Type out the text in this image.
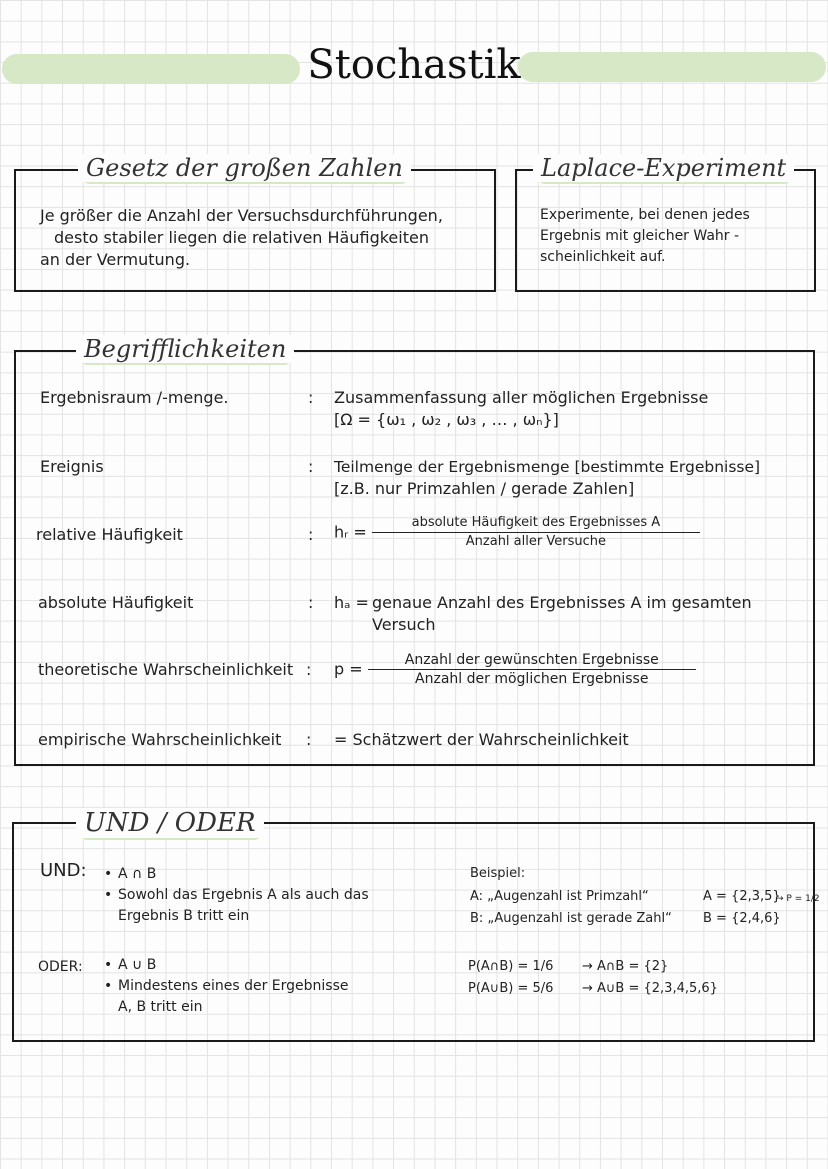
Stochastik
Gesetz der großen Zahlen
Je größer die Anzahl der Versuchsdurchführungen,
desto stabiler liegen die relativen Häufigkeiten
an der Vermutung.
Laplace-Experiment
Experimente, bei denen jedes
Ergebnis mit gleicher Wahr -
scheinlichkeit auf.
Begrifflichkeiten
Ergebnisraum /-menge.	: Zusammenfassung aller möglichen Ergebnisse
[Ω = {ω₁ , ω₂ , ω₃ , … , ωₙ}]
Ereignis	: Teilmenge der Ergebnismenge [bestimmte Ergebnisse]
[z.B. nur Primzahlen / gerade Zahlen]
relative Häufigkeit	: hᵣ = $\frac{\text{absolute Häufigkeit des Ergebnisses A}}{\text{Anzahl aller Versuche}}$
absolute Häufigkeit	: hₐ = genaue Anzahl des Ergebnisses A im gesamten
Versuch
theoretische Wahrscheinlichkeit : $p = \frac{\text{Anzahl der gewünschten Ergebnisse}}{\text{Anzahl der möglichen Ergebnisse}}$
empirische Wahrscheinlichkeit : = Schätzwert der Wahrscheinlichkeit
UND / ODER
UND: • A ∩ B
• Sowohl das Ergebnis A als auch das
Ergebnis B tritt ein
ODER: • A ∪ B
• Mindestens eines der Ergebnisse
A, B tritt ein
Beispiel:
A: „Augenzahl ist Primzahl“	A = {2,3,5}
→ P = 1/2
B: „Augenzahl ist gerade Zahl“ B = {2,4,6}
P(A∩B) = 1/6 → A∩B = {2}
P(A∪B) = 5/6 → A∪B = {2,3,4,5,6}
